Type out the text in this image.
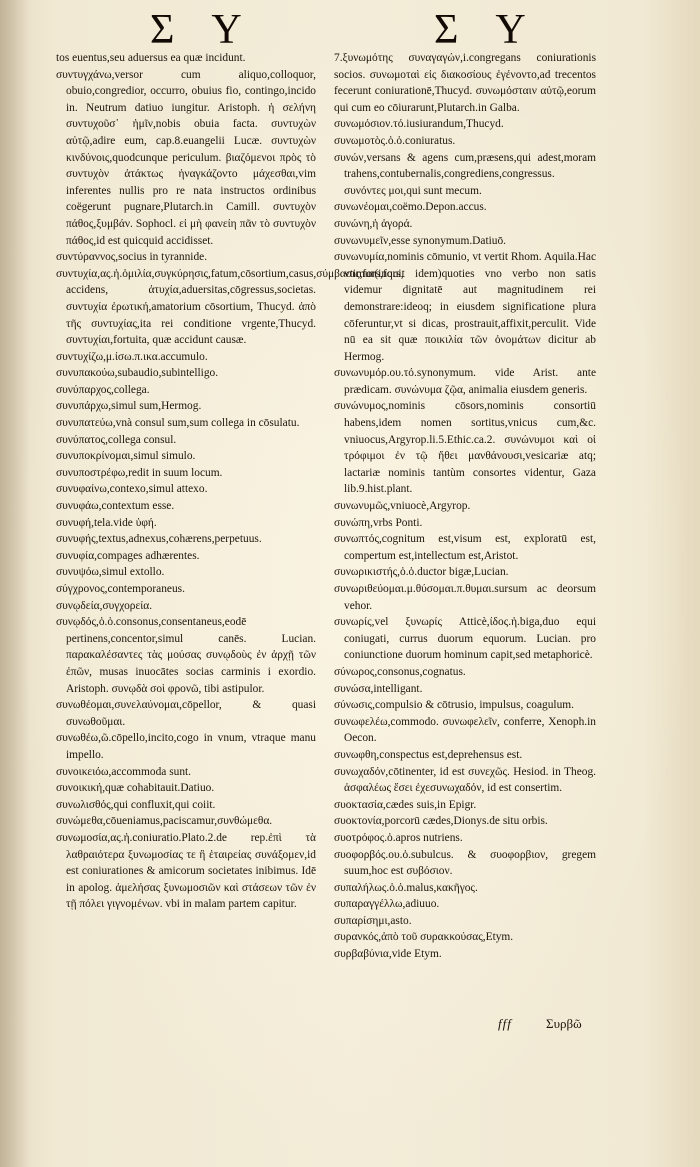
Σ Υ	Σ Υ

tos euentus,seu aduersus ea quæ incidunt.

συντυγχάνω,versor cum aliquo,colloquor, obuio,congredior, occurro, obuius fio, contingo,incido in. Neutrum datiuo iungitur. Aristoph. ἡ σελήνη συντυχοῦσ᾽ ἡμῖν,nobis obuia facta. συντυχὼν αὐτῷ,adire eum, cap.8.euangelii Lucæ. συντυχὼν κινδύνοις,quodcunque periculum. βιαζόμενοι πρὸς τὸ συντυχὸν ἀτάκτως ἠναγκάζοντο μάχεσθαι,vim inferentes nullis pro re nata instructos ordinibus coëgerunt pugnare,Plutarch.in Camill. συντυχὸν πάθος,ξυμβάν. Sophocl. εἰ μὴ φανείη πᾶν τὸ συντυχὸν πάθος,id est quicquid accidisset.

συντύραννος,socius in tyrannide.

συντυχία,ας.ἡ.ὁμιλία,συγκύρησις,fatum,cōsortium,casus,σύμβασις,fors,fors, accidens, ἀτυχία,aduersitas,cōgressus,societas. συντυχία ἐρωτική,amatorium cōsortium, Thucyd. ἀπὸ τῆς συντυχίας,ita rei conditione vrgente,Thucyd. συντυχίαι,fortuita, quæ accidunt causæ.

συντυχίζω,μ.ίσω.π.ικα.accumulo.

συνυπακούω,subaudio,subintelligo.

συνύπαρχος,collega.

συνυπάρχω,simul sum,Hermog.

συνυπατεύω,vnà consul sum,sum collega in cōsulatu.

συνύπατος,collega consul.

συνυποκρίνομαι,simul simulo.

συνυποστρέφω,redit in suum locum.

συνυφαίνω,contexo,simul attexo.

συνυφάω,contextum esse.

συνυφή,tela.vide ὑφή.

συνυφής,textus,adnexus,cohærens,perpetuus.

συνυφία,compages adhærentes.

συνυψόω,simul extollo.

σύγχρονος,contemporaneus.

συνῳδεία,συγχορεία.

συνῳδός,ὁ.ὁ.consonus,consentaneus,eodē pertinens,concentor,simul canēs. Lucian. παρακαλέσαντες τὰς μούσας συνῳδοὺς ἐν ἀρχῇ τῶν ἐπῶν, musas inuocātes socias carminis i exordio. Aristoph. συνῳδὰ σοὶ φρονῶ, tibi astipulor.

συνωθέομαι,συνελαύνομαι,cōpellor, & quasi συνωθοῦμαι.

συνωθέω,ῶ.cōpello,incito,cogo in vnum, vtraque manu impello.

συνοικειόω,accommoda sunt.

συνοικική,quæ cohabitauit.Datiuo.

συνωλισθός,qui confluxit,qui coiit.

συνώμεθα,cōueniamus,paciscamur,συνθώμεθα.

συνωμοσία,ας.ἡ.coniuratio.Plato.2.de rep.ἐπὶ τὰ λαθραιότερα ξυνωμοσίας τε ἢ ἑταιρείας συνάξομεν,id est coniurationes & amicorum societates inibimus. Idē in apolog. ἀμελήσας ξυνωμοσιῶν καὶ στάσεων τῶν ἐν τῇ πόλει γιγνομένων. vbi in malam partem capitur.

7.ξυνωμότης συναγαγών,i.congregans coniurationis socios. συνωμοταὶ εἰς διακοσίους ἐγένοντο,ad trecentos fecerunt coniurationē,Thucyd. συνωμόσταιν αὐτῷ,eorum qui cum eo cōiurarunt,Plutarch.in Galba.

συνωμόσιον.τό.iusiurandum,Thucyd.

συνωμοτὸς.ὁ.ὁ.coniuratus.

συνών,versans & agens cum,præsens,qui adest,moram trahens,contubernalis,congrediens,congressus. συνόντες μοι,qui sunt mecum.

συνωνέομαι,coëmo.Depon.accus.

συνώνη,ἡ ἀγορά.

συνωνυμεῖν,esse synonymum.Datiuō.

συνωνυμία,nominis cōmunio, vt vertit Rhom. Aquila.Hac vtimur(inquit idem)quoties vno verbo non satis videmur dignitatē aut magnitudinem rei demonstrare:ideoq; in eiusdem significatione plura cōferuntur,vt si dicas, prostrauit,affixit,perculit. Vide nū ea sit quæ ποικιλία τῶν ὀνομάτων dicitur ab Hermog.

συνωνυμόρ.ου.τό.synonymum. vide Arist. ante prædicam. συνώνυμα ζῷα, animalia eiusdem generis.

συνώνυμος,nominis cōsors,nominis consortiū habens,idem nomen sortitus,vnicus cum,&c. vniuocus,Argyrop.li.5.Ethic.ca.2. συνώνυμοι καὶ οἱ τρόφιμοι ἐν τῷ ἤθει μανθάνουσι,vesicariæ atq; lactariæ nominis tantùm consortes videntur, Gaza lib.9.hist.plant.

συνωνυμῶς,vniuocè,Argyrop.

συνώπη,vrbs Ponti.

συνωπτός,cognitum est,visum est, exploratū est, compertum est,intellectum est,Aristot.

συνωρικιστής,ὁ.ὁ.ductor bigæ,Lucian.

συνωριθεύομαι.μ.θύσομαι.π.θυμαι.sursum ac deorsum vehor.

συνωρίς,vel ξυνωρίς Atticè,ίδος.ἡ.biga,duo equi coniugati, currus duorum equorum. Lucian. pro coniunctione duorum hominum capit,sed metaphoricè.

σύνωρος,consonus,cognatus.

συνώσα,intelligant.

σύνωσις,compulsio & cōtrusio, impulsus, coagulum.

συνωφελέω,commodo. συνωφελεῖν, conferre, Xenoph.in Oecon.

συνωφθη,conspectus est,deprehensus est.

συνωχαδόν,cōtinenter, id est συνεχῶς. Hesiod. in Theog. ἀσφαλέως ἔσει ἐχεσυνωχαδόν, id est consertim.

συοκτασία,cædes suis,in Epigr.

συοκτονία,porcorū cædes,Dionys.de situ orbis.

συοτρόφος.ὁ.apros nutriens.

συοφορβός.ου.ὁ.subulcus. & συοφορβιον, gregem suum,hoc est συβόσιον.

συπαλήλως.ὁ.ὁ.malus,κακῆγος.

συπαραγγέλλω,adiuuo.

συπαρίσημι,asto.

συρανκός,ἀπὸ τοῦ συρακκούσας,Etym.

συρβαβύνια,vide Etym.

fff	Συρβῶ
